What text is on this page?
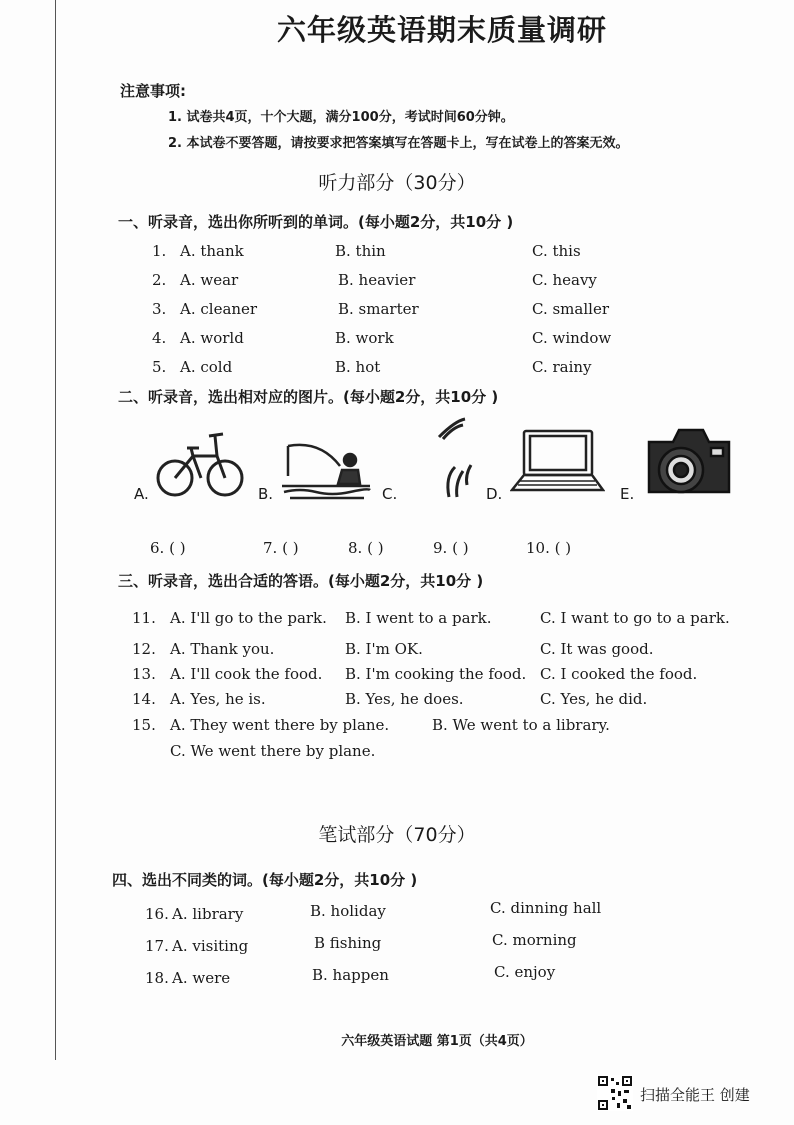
六年级英语期末质量调研
注意事项:
1. 试卷共4页，十个大题，满分100分，考试时间60分钟。
2. 本试卷不要答题，请按要求把答案填写在答题卡上，写在试卷上的答案无效。
听力部分（30分）
一、听录音，选出你所听到的单词。(每小题2分，共10分 )
1. A. thank	B. thin	C. this
2. A. wear	B. heavier	C. heavy
3. A. cleaner	B. smarter	C. smaller
4. A. world	B. work	C. window
5. A. cold	B. hot	C. rainy
二、听录音，选出相对应的图片。(每小题2分，共10分 )
A.	B.	C.	D.	E.
6. ( )	7. ( )	8. ( )	9. ( )	10. ( )
三、听录音，选出合适的答语。(每小题2分，共10分 )
11. A. I'll go to the park. B. I went to a park.	C. I want to go to a park.
12. A. Thank you.	B. I'm OK.	C. It was good.
13. A. I'll cook the food. B. I'm cooking the food. C. I cooked the food.
14. A. Yes, he is.	B. Yes, he does.	C. Yes, he did.
15. A. They went there by plane.	B. We went to a library.
C. We went there by plane.
笔试部分（70分）
四、选出不同类的词。(每小题2分，共10分 )
16. A. library	B. holiday	C. dinning hall
17. A. visiting	B fishing	C. morning
18. A. were	B. happen	C. enjoy
六年级英语试题 第1页（共4页）
扫描全能王 创建
